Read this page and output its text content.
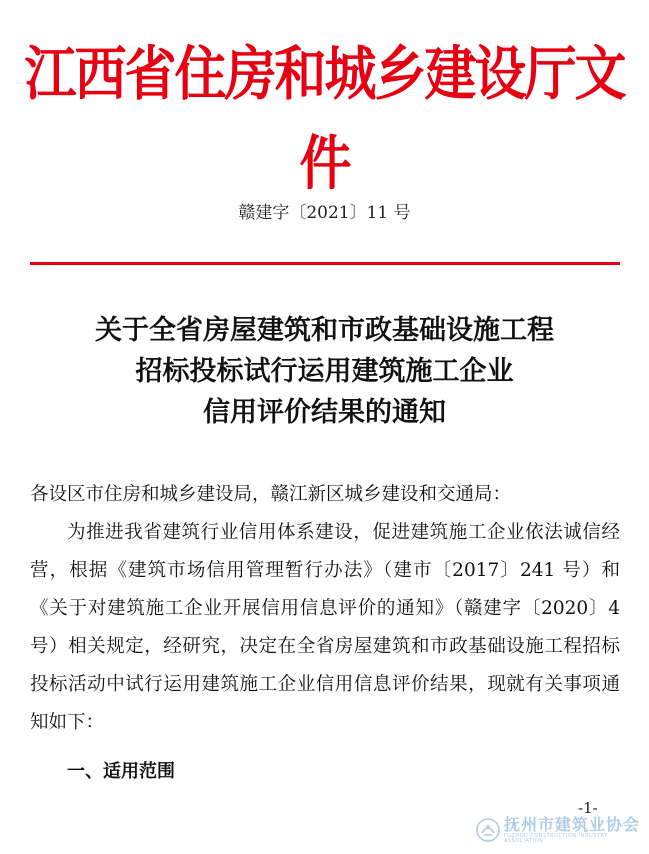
江西省住房和城乡建设厅文件
赣建字〔2021〕11 号
关于全省房屋建筑和市政基础设施工程
招标投标试行运用建筑施工企业
信用评价结果的通知

各设区市住房和城乡建设局，赣江新区城乡建设和交通局：

为推进我省建筑行业信用体系建设，促进建筑施工企业依法诚信经营，根据《建筑市场信用管理暂行办法》（建市〔2017〕241 号）和《关于对建筑施工企业开展信用信息评价的通知》（赣建字〔2020〕4 号）相关规定，经研究，决定在全省房屋建筑和市政基础设施工程招标投标活动中试行运用建筑施工企业信用信息评价结果，现就有关事项通知如下：

一、适用范围
-1-
抚州市建筑业协会
FUZHOU CONSTRUCTION INDUSTRY ASSOCIATION
